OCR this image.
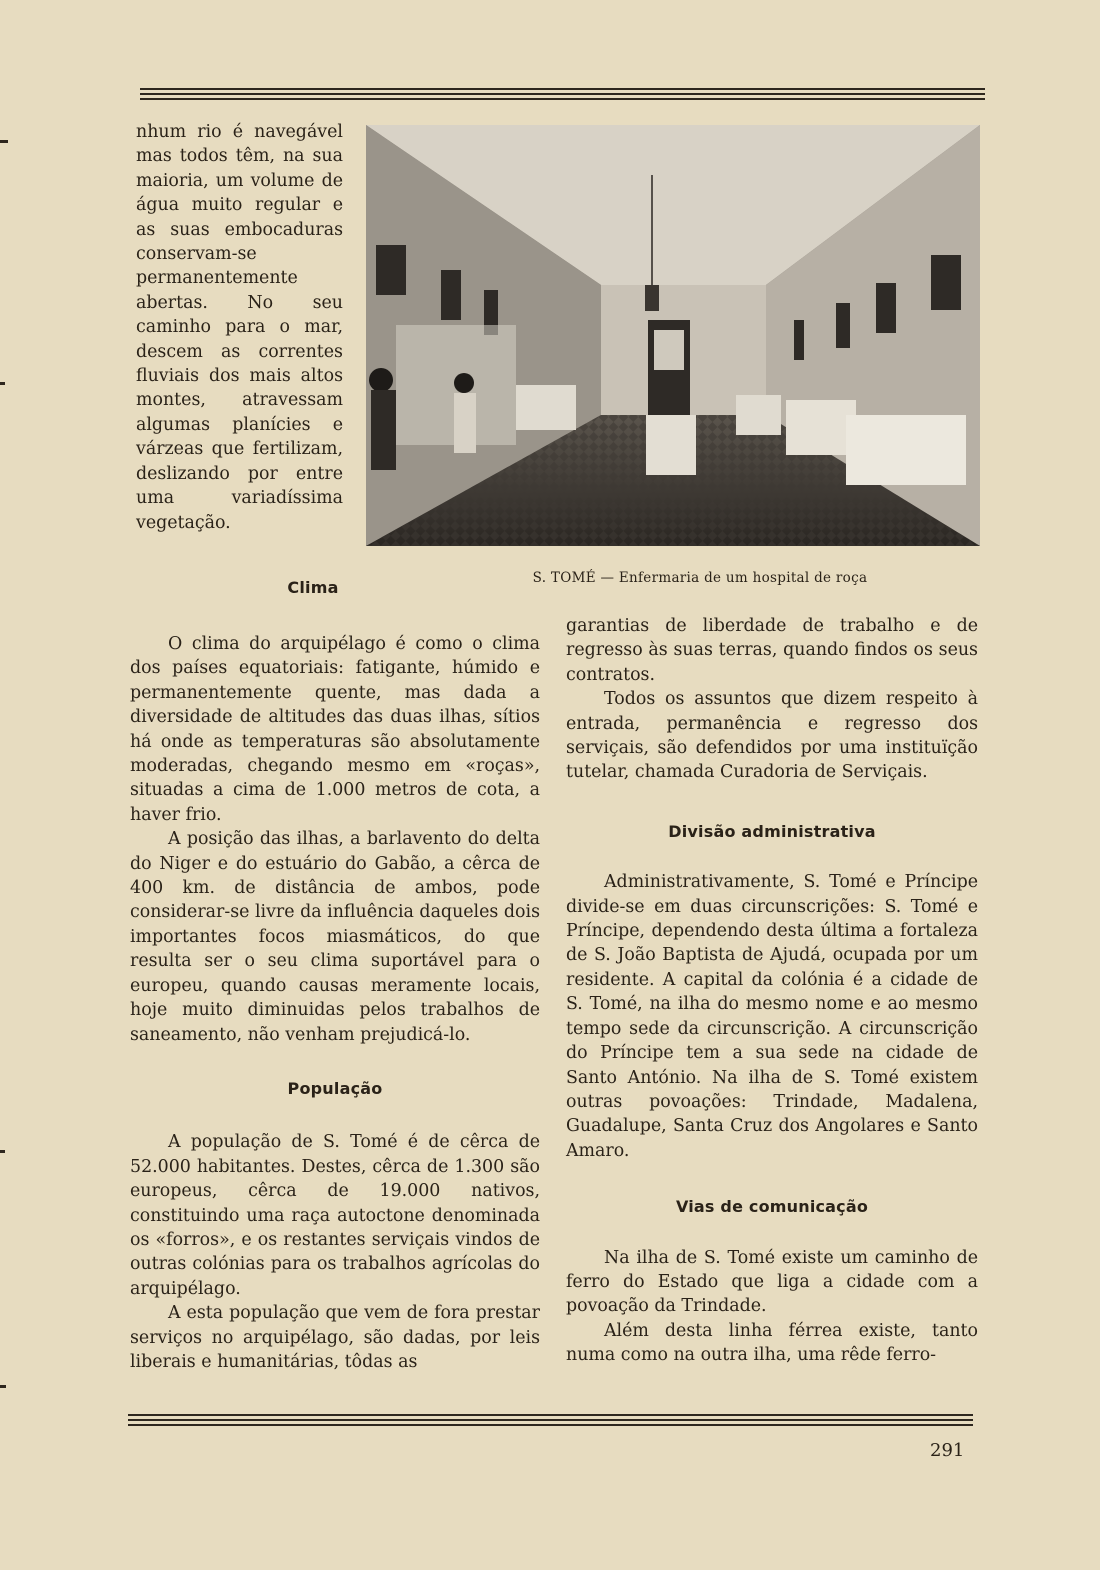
nhum rio é navegável mas todos têm, na sua maioria, um volume de água muito regular e as suas embocaduras conservam-se permanentemente abertas. No seu caminho para o mar, descem as correntes fluviais dos mais altos montes, atravessam algumas planícies e várzeas que fertilizam, deslizando por entre uma variadíssima vegetação.

S. TOMÉ — Enfermaria de um hospital de roça
Clima

O clima do arquipélago é como o clima dos países equatoriais: fatigante, húmido e permanentemente quente, mas dada a diversidade de altitudes das duas ilhas, sítios há onde as temperaturas são absolutamente moderadas, chegando mesmo em «roças», situadas a cima de 1.000 metros de cota, a haver frio.

A posição das ilhas, a barlavento do delta do Niger e do estuário do Gabão, a cêrca de 400 km. de distância de ambos, pode considerar-se livre da influência daqueles dois importantes focos miasmáticos, do que resulta ser o seu clima suportável para o europeu, quando causas meramente locais, hoje muito diminuidas pelos trabalhos de saneamento, não venham prejudicá-lo.

População

A população de S. Tomé é de cêrca de 52.000 habitantes. Destes, cêrca de 1.300 são europeus, cêrca de 19.000 nativos, constituindo uma raça autoctone denominada os «forros», e os restantes serviçais vindos de outras colónias para os trabalhos agrícolas do arquipélago.

A esta população que vem de fora prestar serviços no arquipélago, são dadas, por leis liberais e humanitárias, tôdas as

garantias de liberdade de trabalho e de regresso às suas terras, quando findos os seus contratos.

Todos os assuntos que dizem respeito à entrada, permanência e regresso dos serviçais, são defendidos por uma instituïção tutelar, chamada Curadoria de Serviçais.

Divisão administrativa

Administrativamente, S. Tomé e Príncipe divide-se em duas circunscrições: S. Tomé e Príncipe, dependendo desta última a fortaleza de S. João Baptista de Ajudá, ocupada por um residente. A capital da colónia é a cidade de S. Tomé, na ilha do mesmo nome e ao mesmo tempo sede da circunscrição. A circunscrição do Príncipe tem a sua sede na cidade de Santo António. Na ilha de S. Tomé existem outras povoações: Trindade, Madalena, Guadalupe, Santa Cruz dos Angolares e Santo Amaro.

Vias de comunicação

Na ilha de S. Tomé existe um caminho de ferro do Estado que liga a cidade com a povoação da Trindade.

Além desta linha férrea existe, tanto numa como na outra ilha, uma rêde ferro-

291
